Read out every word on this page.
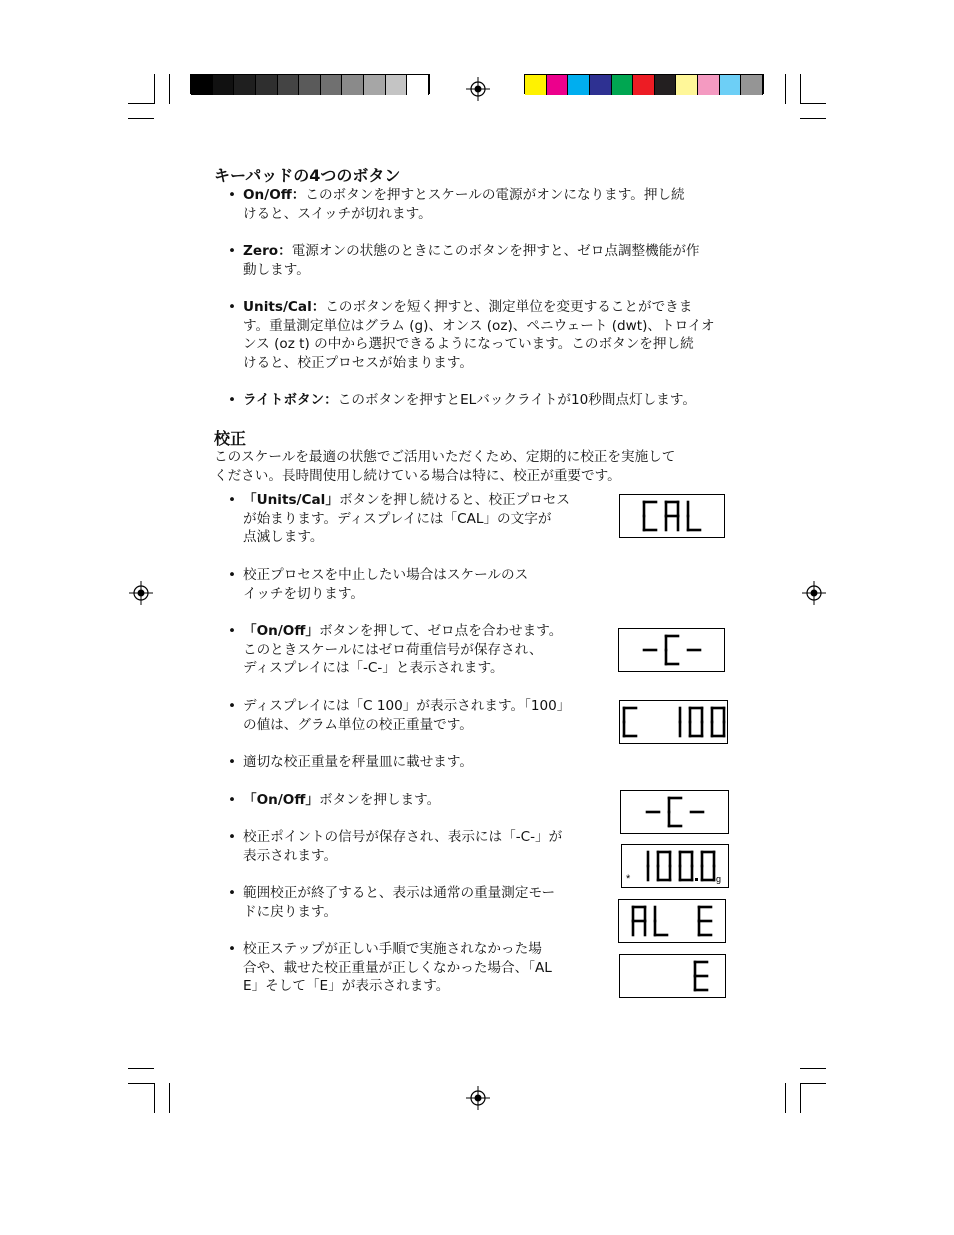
キーパッドの4つのボタン
• On/Off：このボタンを押すとスケールの電源がオンになります。押し続
けると、スイッチが切れます。
• Zero：電源オンの状態のときにこのボタンを押すと、ゼロ点調整機能が作
動します。
• Units/Cal：このボタンを短く押すと、測定単位を変更することができま
す。重量測定単位はグラム (g)、オンス (oz)、ペニウェート (dwt)、トロイオ
ンス (oz t) の中から選択できるようになっています。このボタンを押し続
けると、校正プロセスが始まります。
• ライトボタン：このボタンを押すとELバックライトが10秒間点灯します。
校正
このスケールを最適の状態でご活用いただくため、定期的に校正を実施して
ください。長時間使用し続けている場合は特に、校正が重要です。
• 「Units/Cal」ボタンを押し続けると、校正プロセス
が始まります。ディスプレイには「CAL」の文字が
点滅します。
• 校正プロセスを中止したい場合はスケールのス
イッチを切ります。
• 「On/Off」ボタンを押して、ゼロ点を合わせます。
このときスケールにはゼロ荷重信号が保存され、
ディスプレイには「-C-」と表示されます。
• ディスプレイには「C 100」が表示されます。「100」
の値は、グラム単位の校正重量です。
• 適切な校正重量を秤量皿に載せます。
• 「On/Off」ボタンを押します。
• 校正ポイントの信号が保存され、表示には「-C-」が
表示されます。
• 範囲校正が終了すると、表示は通常の重量測定モー
ドに戻ります。
• 校正ステップが正しい手順で実施されなかった場
合や、載せた校正重量が正しくなかった場合、「AL
E」そして「E」が表示されます。
*	g
